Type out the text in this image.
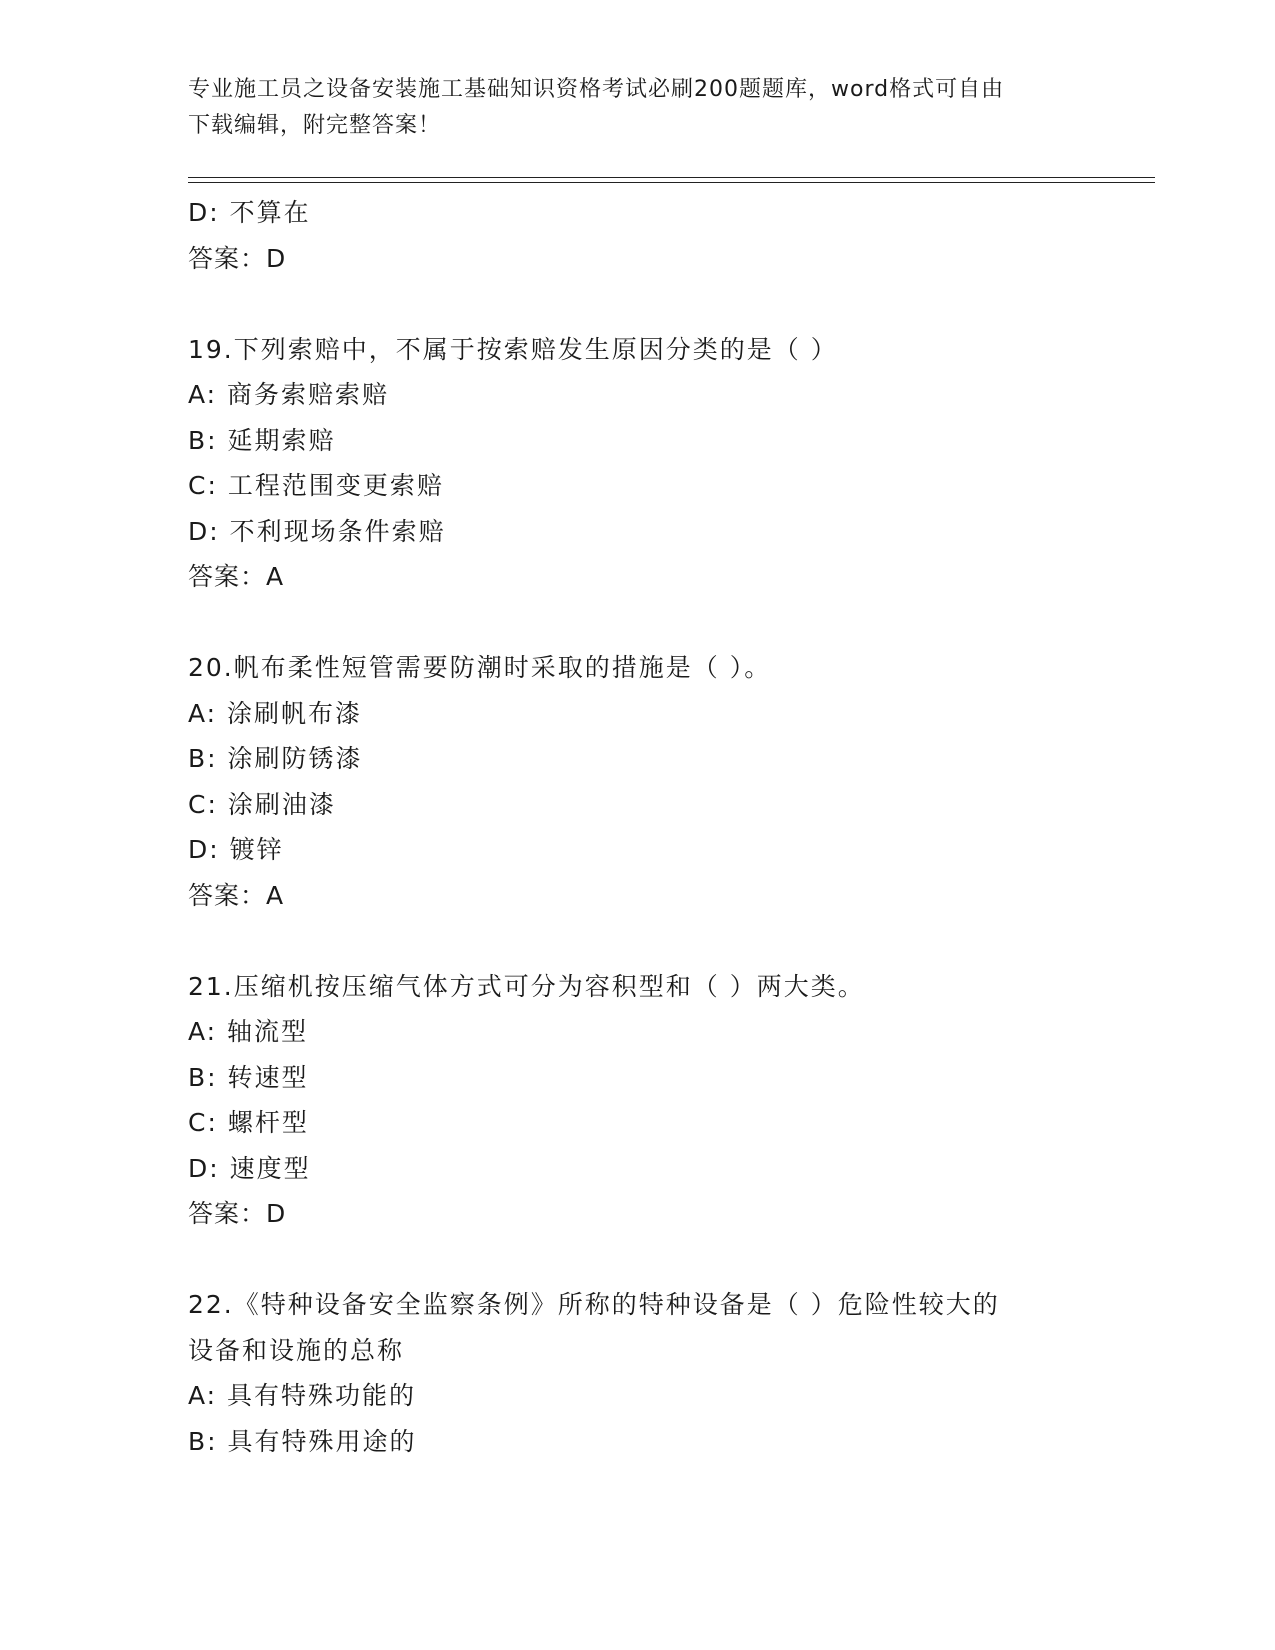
专业施工员之设备安装施工基础知识资格考试必刷200题题库，word格式可自由
下载编辑，附完整答案！
D: 不算在
答案：D
19.下列索赔中，不属于按索赔发生原因分类的是（ ）
A: 商务索赔索赔
B: 延期索赔
C: 工程范围变更索赔
D: 不利现场条件索赔
答案：A
20.帆布柔性短管需要防潮时采取的措施是（ ）。
A: 涂刷帆布漆
B: 涂刷防锈漆
C: 涂刷油漆
D: 镀锌
答案：A
21.压缩机按压缩气体方式可分为容积型和（ ）两大类。
A: 轴流型
B: 转速型
C: 螺杆型
D: 速度型
答案：D
22.《特种设备安全监察条例》所称的特种设备是（ ）危险性较大的
设备和设施的总称
A: 具有特殊功能的
B: 具有特殊用途的
